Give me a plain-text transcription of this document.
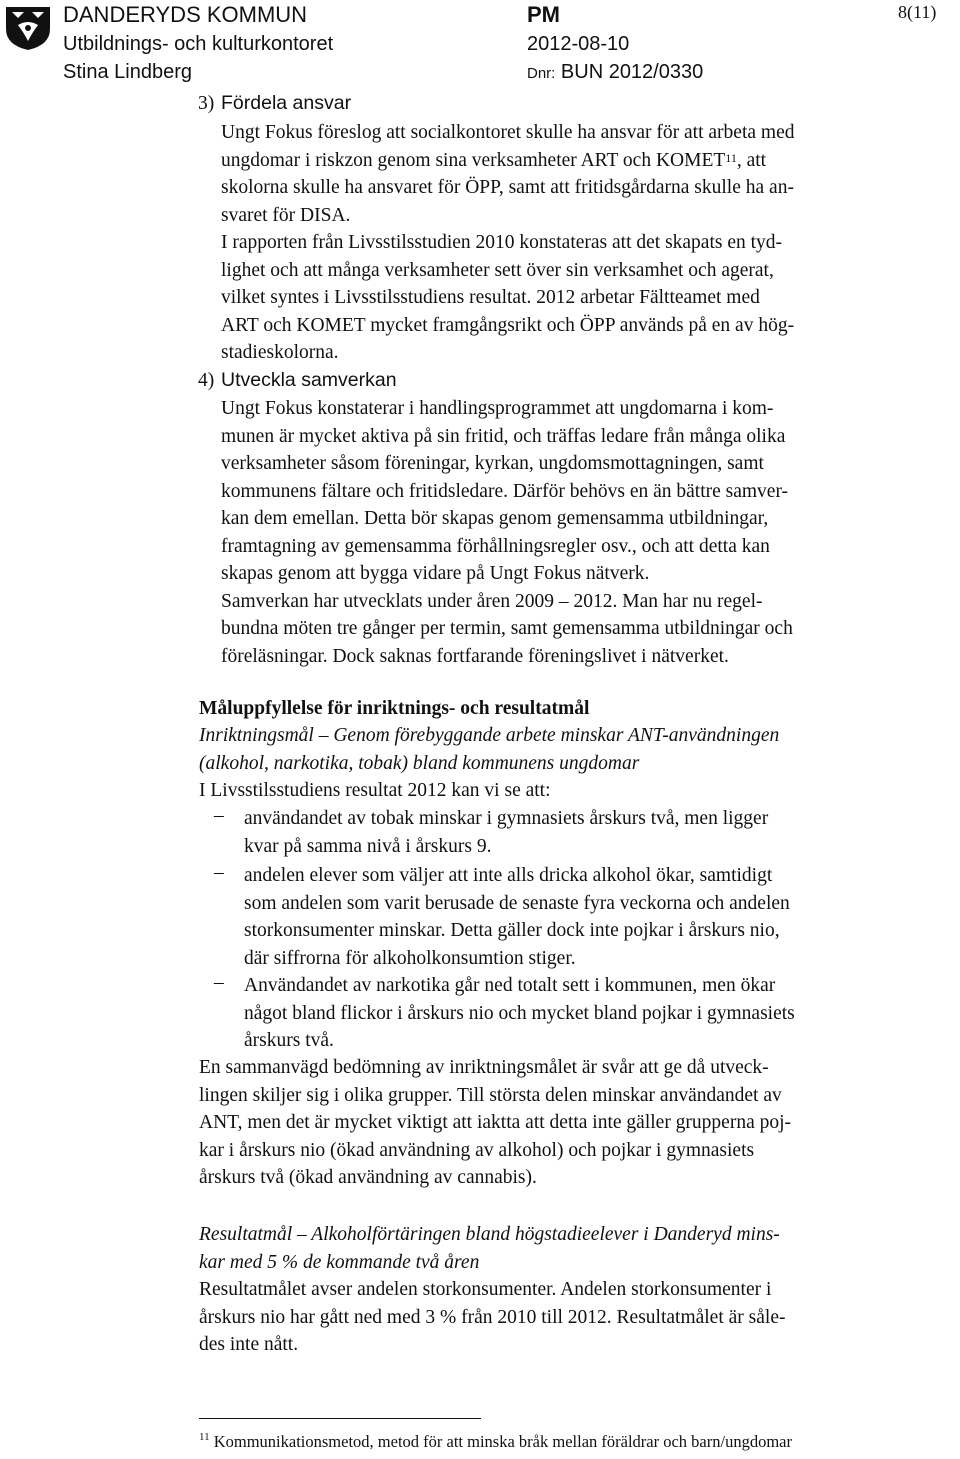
DANDERYDS KOMMUN
Utbildnings- och kulturkontoret
Stina Lindberg
PM
2012-08-10
Dnr: BUN 2012/0330
8(11)
3) Fördela ansvar
Ungt Fokus föreslog att socialkontoret skulle ha ansvar för att arbeta med
ungdomar i riskzon genom sina verksamheter ART och KOMET$^{11}$, att
skolorna skulle ha ansvaret för ÖPP, samt att fritidsgårdarna skulle ha an-
svaret för DISA.
I rapporten från Livsstilsstudien 2010 konstateras att det skapats en tyd-
lighet och att många verksamheter sett över sin verksamhet och agerat,
vilket syntes i Livsstilsstudiens resultat. 2012 arbetar Fältteamet med
ART och KOMET mycket framgångsrikt och ÖPP används på en av hög-
stadieskolorna.
4) Utveckla samverkan
Ungt Fokus konstaterar i handlingsprogrammet att ungdomarna i kom-
munen är mycket aktiva på sin fritid, och träffas ledare från många olika
verksamheter såsom föreningar, kyrkan, ungdomsmottagningen, samt
kommunens fältare och fritidsledare. Därför behövs en än bättre samver-
kan dem emellan. Detta bör skapas genom gemensamma utbildningar,
framtagning av gemensamma förhållningsregler osv., och att detta kan
skapas genom att bygga vidare på Ungt Fokus nätverk.
Samverkan har utvecklats under åren 2009 – 2012. Man har nu regel-
bundna möten tre gånger per termin, samt gemensamma utbildningar och
föreläsningar. Dock saknas fortfarande föreningslivet i nätverket.
Måluppfyllelse för inriktnings- och resultatmål
Inriktningsmål – Genom förebyggande arbete minskar ANT-användningen
(alkohol, narkotika, tobak) bland kommunens ungdomar
I Livsstilsstudiens resultat 2012 kan vi se att:
– användandet av tobak minskar i gymnasiets årskurs två, men ligger
kvar på samma nivå i årskurs 9.
– andelen elever som väljer att inte alls dricka alkohol ökar, samtidigt
som andelen som varit berusade de senaste fyra veckorna och andelen
storkonsumenter minskar. Detta gäller dock inte pojkar i årskurs nio,
där siffrorna för alkoholkonsumtion stiger.
– Användandet av narkotika går ned totalt sett i kommunen, men ökar
något bland flickor i årskurs nio och mycket bland pojkar i gymnasiets
årskurs två.
En sammanvägd bedömning av inriktningsmålet är svår att ge då utveck-
lingen skiljer sig i olika grupper. Till största delen minskar användandet av
ANT, men det är mycket viktigt att iaktta att detta inte gäller grupperna poj-
kar i årskurs nio (ökad användning av alkohol) och pojkar i gymnasiets
årskurs två (ökad användning av cannabis).
Resultatmål – Alkoholförtäringen bland högstadieelever i Danderyd mins-
kar med 5 % de kommande två åren
Resultatmålet avser andelen storkonsumenter. Andelen storkonsumenter i
årskurs nio har gått ned med 3 % från 2010 till 2012. Resultatmålet är såle-
des inte nått.
$^{11}$ Kommunikationsmetod, metod för att minska bråk mellan föräldrar och barn/ungdomar
